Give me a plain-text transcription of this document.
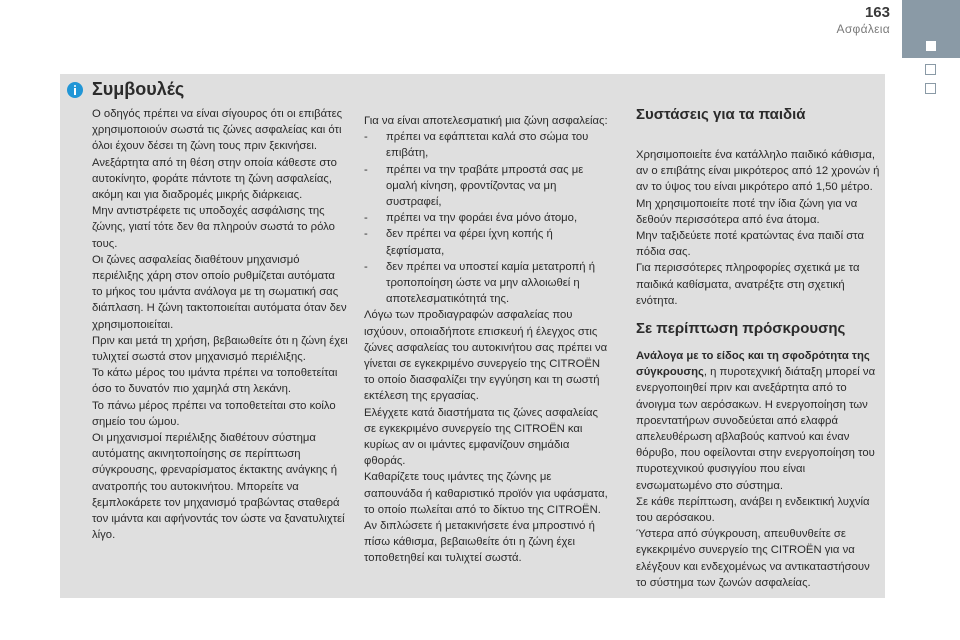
163
Ασφάλεια
Συμβουλές

Ο οδηγός πρέπει να είναι σίγουρος ότι οι επιβάτες χρησιμοποιούν σωστά τις ζώνες ασφαλείας και ότι όλοι έχουν δέσει τη ζώνη τους πριν ξεκινήσει.

Ανεξάρτητα από τη θέση στην οποία κάθεστε στο αυτοκίνητο, φοράτε πάντοτε τη ζώνη ασφαλείας, ακόμη και για διαδρομές μικρής διάρκειας.

Μην αντιστρέφετε τις υποδοχές ασφάλισης της ζώνης, γιατί τότε δεν θα πληρούν σωστά το ρόλο τους.

Οι ζώνες ασφαλείας διαθέτουν μηχανισμό περιέλιξης χάρη στον οποίο ρυθμίζεται αυτόματα το μήκος του ιμάντα ανάλογα με τη σωματική σας διάπλαση. Η ζώνη τακτοποιείται αυτόματα όταν δεν χρησιμοποιείται.

Πριν και μετά τη χρήση, βεβαιωθείτε ότι η ζώνη έχει τυλιχτεί σωστά στον μηχανισμό περιέλιξης.

Το κάτω μέρος του ιμάντα πρέπει να τοποθετείται όσο το δυνατόν πιο χαμηλά στη λεκάνη.

Το πάνω μέρος πρέπει να τοποθετείται στο κοίλο σημείο του ώμου.

Οι μηχανισμοί περιέλιξης διαθέτουν σύστημα αυτόματης ακινητοποίησης σε περίπτωση σύγκρουσης, φρεναρίσματος έκτακτης ανάγκης ή ανατροπής του αυτοκινήτου. Μπορείτε να ξεμπλοκάρετε τον μηχανισμό τραβώντας σταθερά τον ιμάντα και αφήνοντάς τον ώστε να ξανατυλιχτεί λίγο.

Για να είναι αποτελεσματική μια ζώνη ασφαλείας:

-	πρέπει να εφάπτεται καλά στο σώμα του επιβάτη,
-	πρέπει να την τραβάτε μπροστά σας με ομαλή κίνηση, φροντίζοντας να μη συστραφεί,
-	πρέπει να την φοράει ένα μόνο άτομο,
-	δεν πρέπει να φέρει ίχνη κοπής ή ξεφτίσματα,
-	δεν πρέπει να υποστεί καμία μετατροπή ή τροποποίηση ώστε να μην αλλοιωθεί η αποτελεσματικότητά της.

Λόγω των προδιαγραφών ασφαλείας που ισχύουν, οποιαδήποτε επισκευή ή έλεγχος στις ζώνες ασφαλείας του αυτοκινήτου σας πρέπει να γίνεται σε εγκεκριμένο συνεργείο της CITROËN το οποίο διασφαλίζει την εγγύηση και τη σωστή εκτέλεση της εργασίας.

Ελέγχετε κατά διαστήματα τις ζώνες ασφαλείας σε εγκεκριμένο συνεργείο της CITROËN και κυρίως αν οι ιμάντες εμφανίζουν σημάδια φθοράς.

Καθαρίζετε τους ιμάντες της ζώνης με σαπουνάδα ή καθαριστικό προϊόν για υφάσματα, το οποίο πωλείται από το δίκτυο της CITROËN.

Αν διπλώσετε ή μετακινήσετε ένα μπροστινό ή πίσω κάθισμα, βεβαιωθείτε ότι η ζώνη έχει τοποθετηθεί και τυλιχτεί σωστά.

Συστάσεις για τα παιδιά

Χρησιμοποιείτε ένα κατάλληλο παιδικό κάθισμα, αν ο επιβάτης είναι μικρότερος από 12 χρονών ή αν το ύψος του είναι μικρότερο από 1,50 μέτρο.

Μη χρησιμοποιείτε ποτέ την ίδια ζώνη για να δεθούν περισσότερα από ένα άτομα.

Μην ταξιδεύετε ποτέ κρατώντας ένα παιδί στα πόδια σας.

Για περισσότερες πληροφορίες σχετικά με τα παιδικά καθίσματα, ανατρέξτε στη σχετική ενότητα.

Σε περίπτωση πρόσκρουσης

Ανάλογα με το είδος και τη σφοδρότητα της σύγκρουσης, η πυροτεχνική διάταξη μπορεί να ενεργοποιηθεί πριν και ανεξάρτητα από το άνοιγμα των αερόσακων. Η ενεργοποίηση των προεντατήρων συνοδεύεται από ελαφρά απελευθέρωση αβλαβούς καπνού και έναν θόρυβο, που οφείλονται στην ενεργοποίηση του πυροτεχνικού φυσιγγίου που είναι ενσωματωμένο στο σύστημα.

Σε κάθε περίπτωση, ανάβει η ενδεικτική λυχνία του αερόσακου.

Ύστερα από σύγκρουση, απευθυνθείτε σε εγκεκριμένο συνεργείο της CITROËN για να ελέγξουν και ενδεχομένως να αντικαταστήσουν το σύστημα των ζωνών ασφαλείας.
